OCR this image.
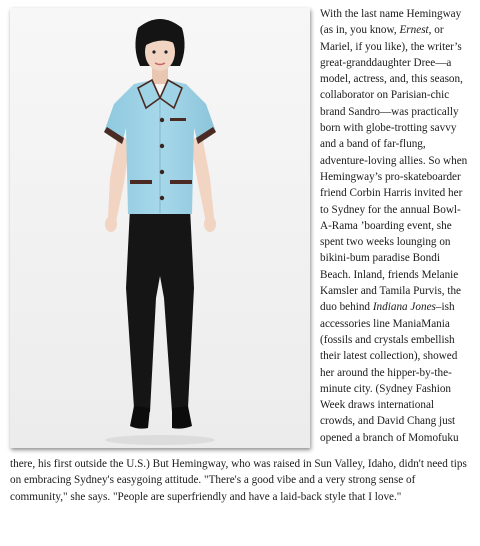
With the last name Hemingway (as in, you know, Ernest, or Mariel, if you like), the writer’s great-granddaughter Dree—a model, actress, and, this season, collaborator on Parisian-chic brand Sandro—was practically born with globe-trotting savvy and a band of far-flung, adventure-loving allies. So when Hemingway’s pro-skateboarder friend Corbin Harris invited her to Sydney for the annual Bowl-A-Rama ’boarding event, she spent two weeks lounging on bikini-bum paradise Bondi Beach. Inland, friends Melanie Kamsler and Tamila Purvis, the duo behind Indiana Jones–ish accessories line ManiaMania (fossils and crystals embellish their latest collection), showed her around the hipper-by-the-minute city. (Sydney Fashion Week draws international crowds, and David Chang just opened a branch of Momofuku

there, his first outside the U.S.) But Hemingway, who was raised in Sun Valley, Idaho, didn't need tips on embracing Sydney's easygoing attitude. "There's a good vibe and a very strong sense of community," she says. "People are superfriendly and have a laid-back style that I love."
